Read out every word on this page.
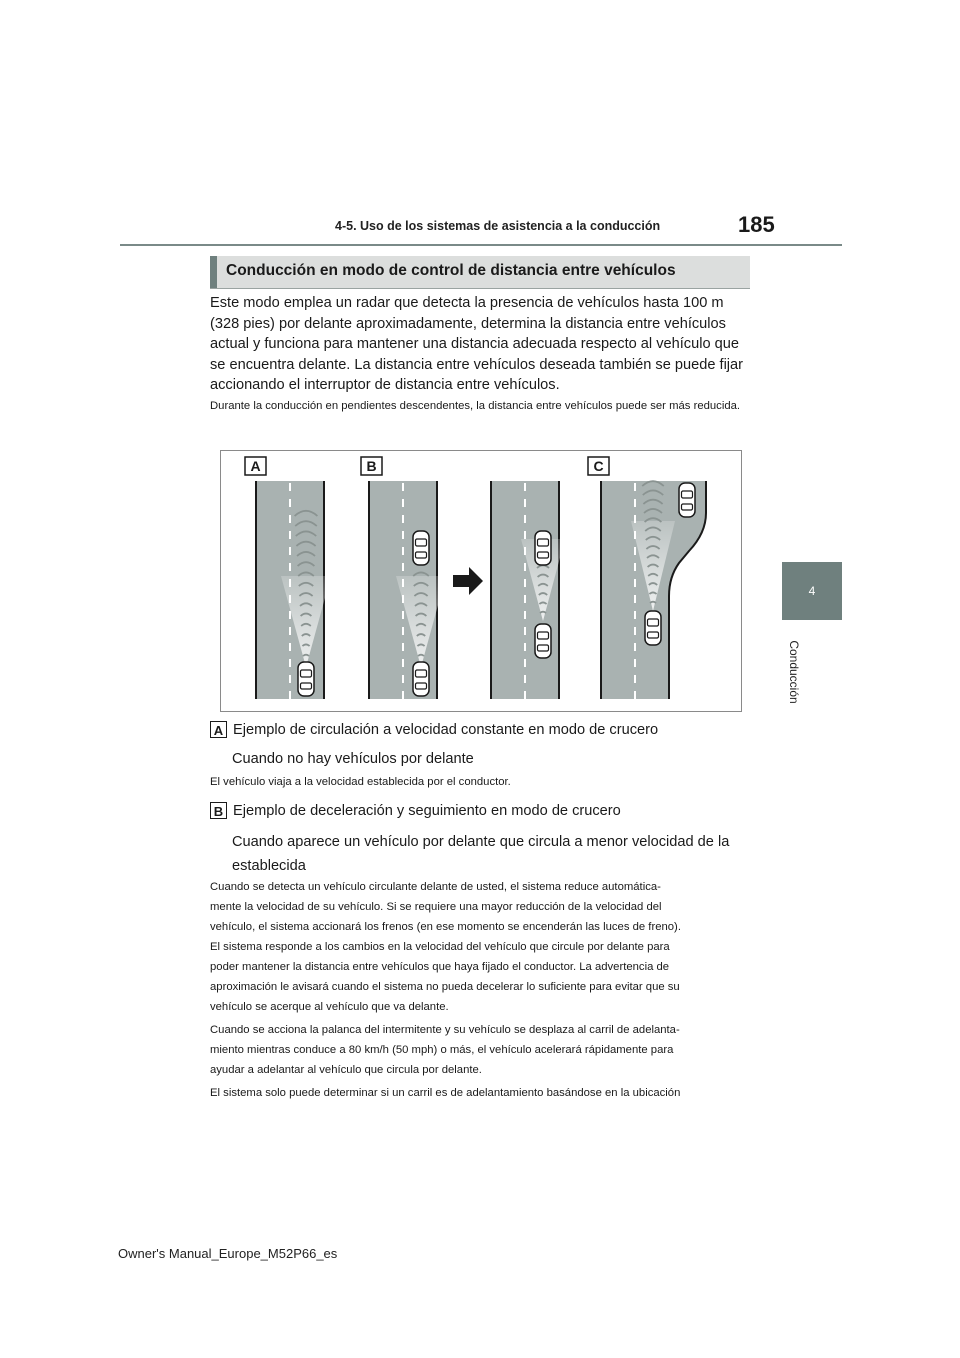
4-5. Uso de los sistemas de asistencia a la conducción	185
4
Conducción
Conducción en modo de control de distancia entre vehículos
Este modo emplea un radar que detecta la presencia de vehículos hasta 100 m (328 pies) por delante aproximadamente, determina la distancia entre vehículos actual y funciona para mantener una distancia adecuada respecto al vehículo que se encuentra delante. La distancia entre vehículos deseada también se puede fijar accionando el interruptor de distancia entre vehículos.
Durante la conducción en pendientes descendentes, la distancia entre vehículos puede ser más reducida.
A	B	C
A Ejemplo de circulación a velocidad constante en modo de crucero
Cuando no hay vehículos por delante
El vehículo viaja a la velocidad establecida por el conductor.
B Ejemplo de deceleración y seguimiento en modo de crucero
Cuando aparece un vehículo por delante que circula a menor velocidad de la
establecida
Cuando se detecta un vehículo circulante delante de usted, el sistema reduce automática-
mente la velocidad de su vehículo. Si se requiere una mayor reducción de la velocidad del
vehículo, el sistema accionará los frenos (en ese momento se encenderán las luces de freno).
El sistema responde a los cambios en la velocidad del vehículo que circule por delante para
poder mantener la distancia entre vehículos que haya fijado el conductor. La advertencia de
aproximación le avisará cuando el sistema no pueda decelerar lo suficiente para evitar que su
vehículo se acerque al vehículo que va delante.
Cuando se acciona la palanca del intermitente y su vehículo se desplaza al carril de adelanta-
miento mientras conduce a 80 km/h (50 mph) o más, el vehículo acelerará rápidamente para
ayudar a adelantar al vehículo que circula por delante.
El sistema solo puede determinar si un carril es de adelantamiento basándose en la ubicación
Owner's Manual_Europe_M52P66_es
